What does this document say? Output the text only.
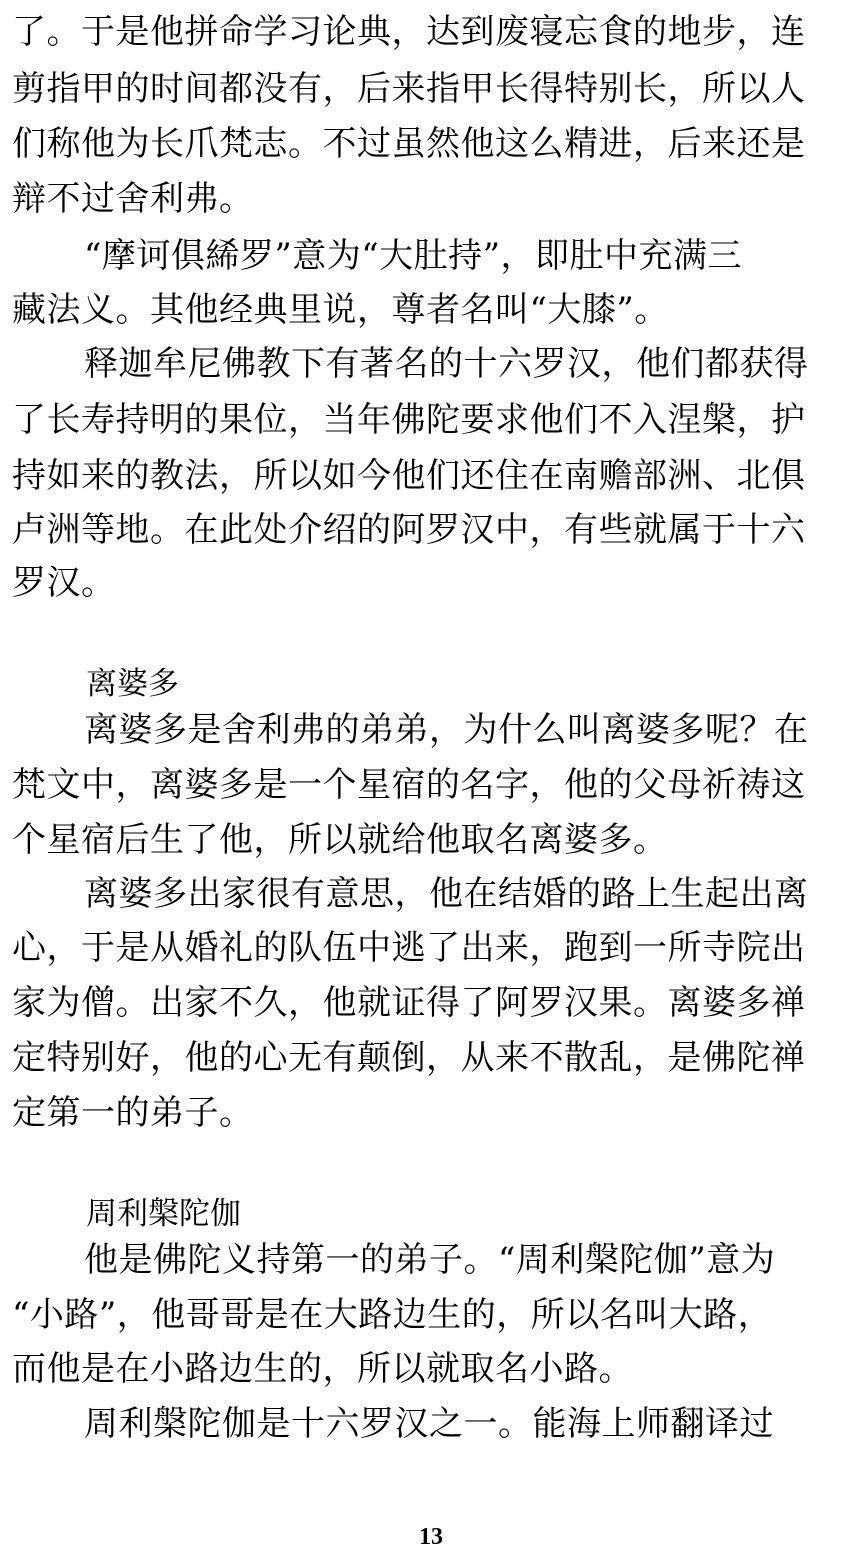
了。于是他拼命学习论典，达到废寝忘食的地步，连
剪指甲的时间都没有，后来指甲长得特别长，所以人
们称他为长爪梵志。不过虽然他这么精进，后来还是
辩不过舍利弗。
“摩诃俱絺罗”意为“大肚持”，即肚中充满三
藏法义。其他经典里说，尊者名叫“大膝”。
释迦牟尼佛教下有著名的十六罗汉，他们都获得
了长寿持明的果位，当年佛陀要求他们不入涅槃，护
持如来的教法，所以如今他们还住在南赡部洲、北俱
卢洲等地。在此处介绍的阿罗汉中，有些就属于十六
罗汉。
离婆多
离婆多是舍利弗的弟弟，为什么叫离婆多呢？在
梵文中，离婆多是一个星宿的名字，他的父母祈祷这
个星宿后生了他，所以就给他取名离婆多。
离婆多出家很有意思，他在结婚的路上生起出离
心，于是从婚礼的队伍中逃了出来，跑到一所寺院出
家为僧。出家不久，他就证得了阿罗汉果。离婆多禅
定特别好，他的心无有颠倒，从来不散乱，是佛陀禅
定第一的弟子。
周利槃陀伽
他是佛陀义持第一的弟子。“周利槃陀伽”意为
“小路”，他哥哥是在大路边生的，所以名叫大路，
而他是在小路边生的，所以就取名小路。
周利槃陀伽是十六罗汉之一。能海上师翻译过
13
